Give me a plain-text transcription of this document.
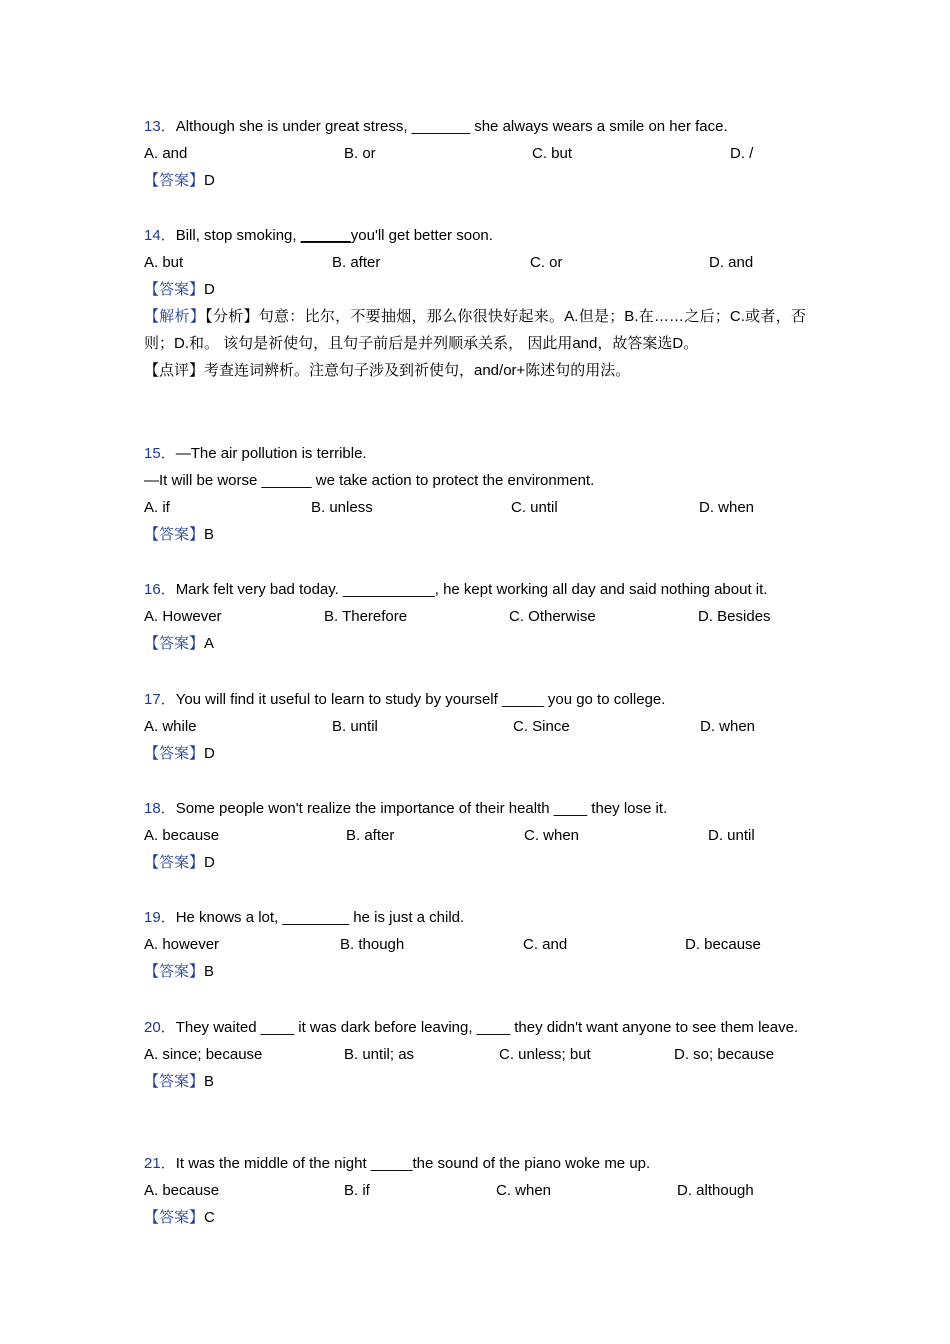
13．Although she is under great stress, _______ she always wears a smile on her face.
A. and	B. or	C. but	D. /
【答案】D
14．Bill, stop smoking, ______you'll get better soon.
A. but	B. after	C. or	D. and
【答案】D
【解析】【分析】句意：比尔，不要抽烟，那么你很快好起来。A.但是；B.在……之后；C.或者，否则；D.和。 该句是祈使句，且句子前后是并列顺承关系， 因此用and，故答案选D。
【点评】考查连词辨析。注意句子涉及到祈使句，and/or+陈述句的用法。
15．—The air pollution is terrible.
—It will be worse ______ we take action to protect the environment.
A. if	B. unless	C. until	D. when
【答案】B
16．Mark felt very bad today. ___________, he kept working all day and said nothing about it.
A. However	B. Therefore	C. Otherwise	D. Besides
【答案】A
17．You will find it useful to learn to study by yourself _____ you go to college.
A. while	B. until	C. Since	D. when
【答案】D
18．Some people won't realize the importance of their health ____ they lose it.
A. because	B. after	C. when	D. until
【答案】D
19．He knows a lot, ________ he is just a child.
A. however	B. though	C. and	D. because
【答案】B
20．They waited ____ it was dark before leaving, ____ they didn't want anyone to see them leave.
A. since; because	B. until; as	C. unless; but	D. so; because
【答案】B
21．It was the middle of the night _____the sound of the piano woke me up.
A. because	B. if	C. when	D. although
【答案】C
